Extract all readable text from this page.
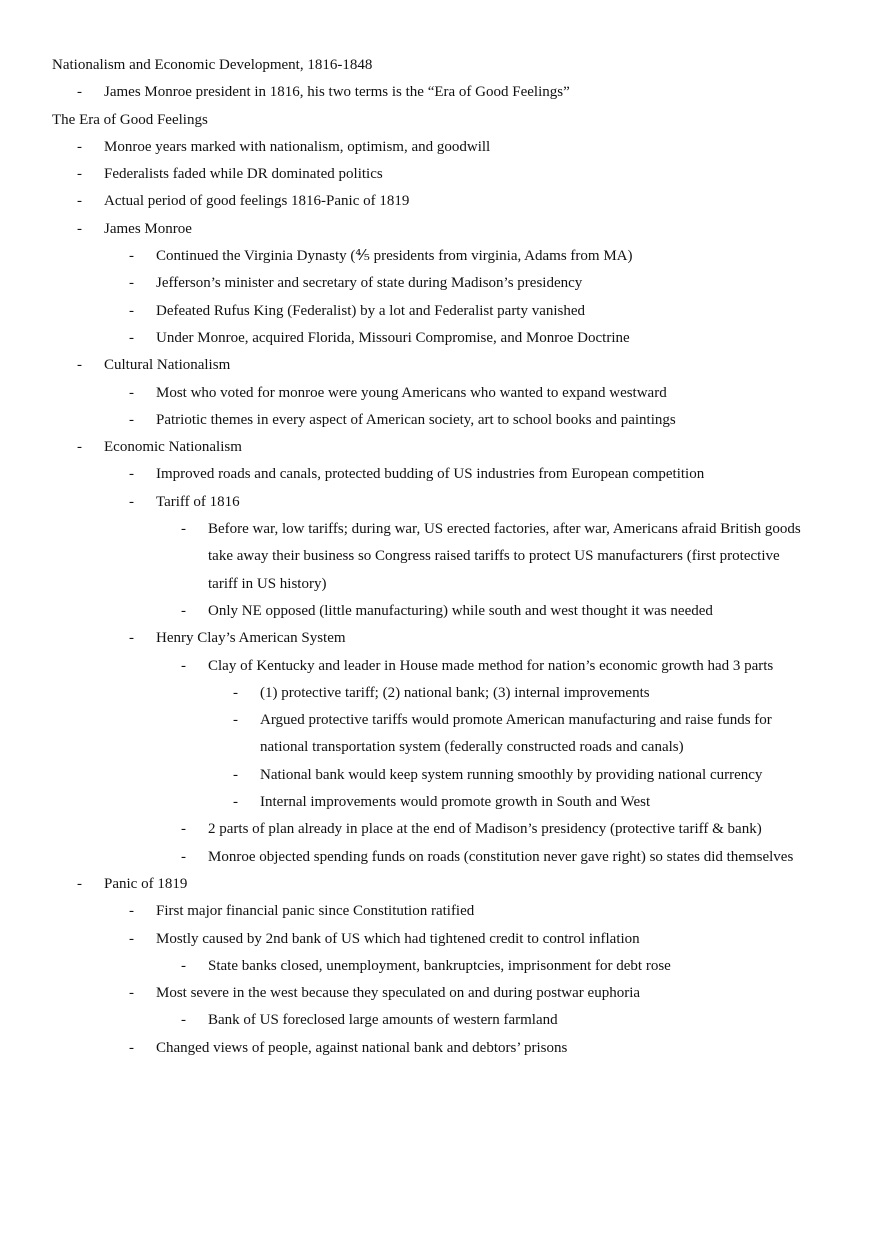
Nationalism and Economic Development, 1816-1848
- James Monroe president in 1816, his two terms is the “Era of Good Feelings”
The Era of Good Feelings
- Monroe years marked with nationalism, optimism, and goodwill
- Federalists faded while DR dominated politics
- Actual period of good feelings 1816-Panic of 1819
- James Monroe
- Continued the Virginia Dynasty (⅘ presidents from virginia, Adams from MA)
- Jefferson’s minister and secretary of state during Madison’s presidency
- Defeated Rufus King (Federalist) by a lot and Federalist party vanished
- Under Monroe, acquired Florida, Missouri Compromise, and Monroe Doctrine
- Cultural Nationalism
- Most who voted for monroe were young Americans who wanted to expand westward
- Patriotic themes in every aspect of American society, art to school books and paintings
- Economic Nationalism
- Improved roads and canals, protected budding of US industries from European competition
- Tariff of 1816
- Before war, low tariffs; during war, US erected factories, after war, Americans afraid British goods take away their business so Congress raised tariffs to protect US manufacturers (first protective tariff in US history)
- Only NE opposed (little manufacturing) while south and west thought it was needed
- Henry Clay’s American System
- Clay of Kentucky and leader in House made method for nation’s economic growth had 3 parts
- (1) protective tariff; (2) national bank; (3) internal improvements
- Argued protective tariffs would promote American manufacturing and raise funds for national transportation system (federally constructed roads and canals)
- National bank would keep system running smoothly by providing national currency
- Internal improvements would promote growth in South and West
- 2 parts of plan already in place at the end of Madison’s presidency (protective tariff & bank)
- Monroe objected spending funds on roads (constitution never gave right) so states did themselves
- Panic of 1819
- First major financial panic since Constitution ratified
- Mostly caused by 2nd bank of US which had tightened credit to control inflation
- State banks closed, unemployment, bankruptcies, imprisonment for debt rose
- Most severe in the west because they speculated on and during postwar euphoria
- Bank of US foreclosed large amounts of western farmland
- Changed views of people, against national bank and debtors’ prisons
